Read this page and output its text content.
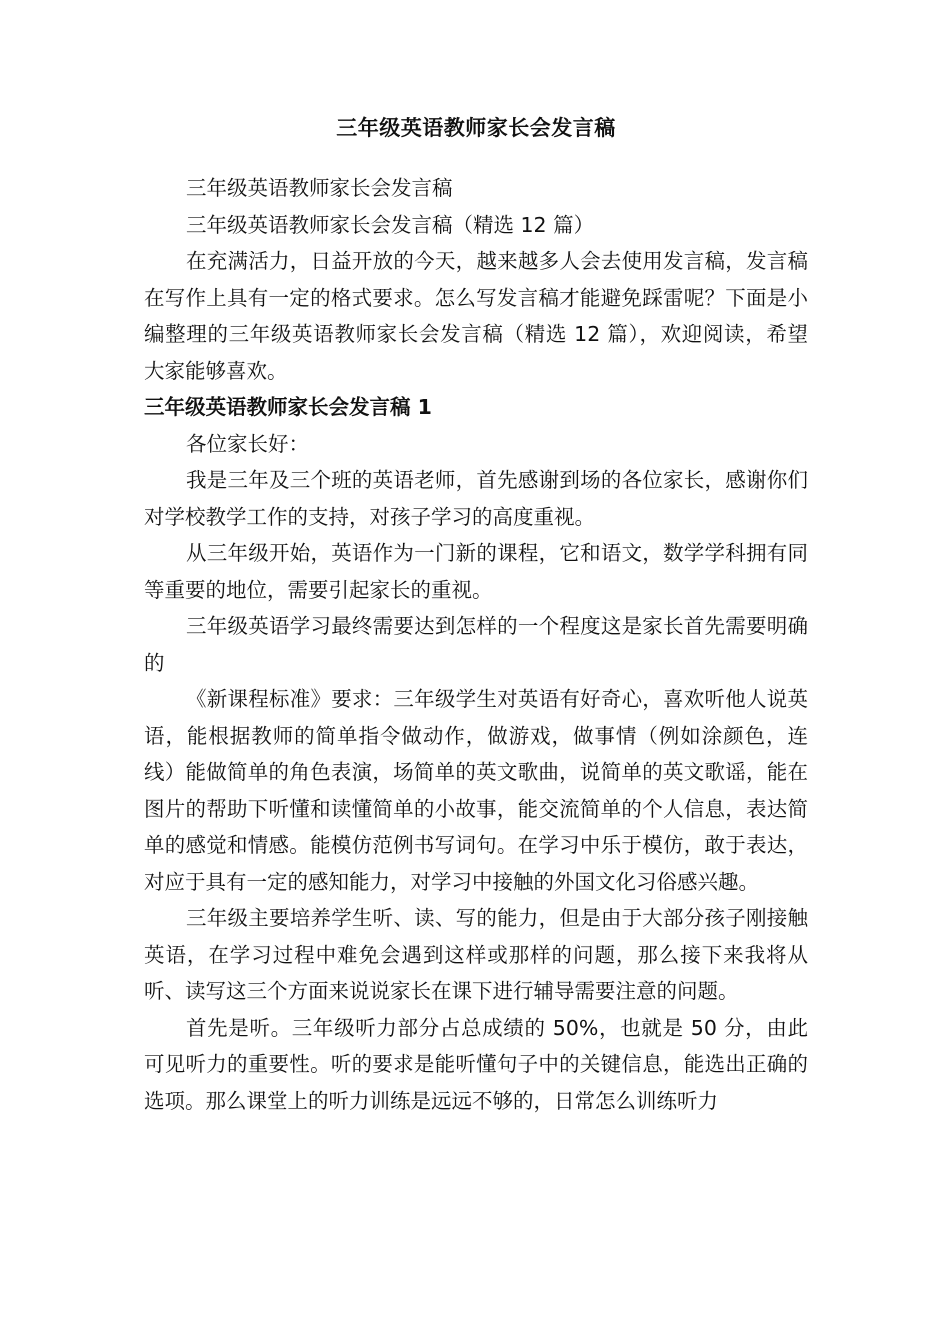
三年级英语教师家长会发言稿

三年级英语教师家长会发言稿

三年级英语教师家长会发言稿（精选 12 篇）

在充满活力，日益开放的今天，越来越多人会去使用发言稿，发言稿在写作上具有一定的格式要求。怎么写发言稿才能避免踩雷呢？下面是小编整理的三年级英语教师家长会发言稿（精选 12 篇），欢迎阅读，希望大家能够喜欢。

三年级英语教师家长会发言稿 1

各位家长好：

我是三年及三个班的英语老师，首先感谢到场的各位家长，感谢你们对学校教学工作的支持，对孩子学习的高度重视。

从三年级开始，英语作为一门新的课程，它和语文，数学学科拥有同等重要的地位，需要引起家长的重视。

三年级英语学习最终需要达到怎样的一个程度这是家长首先需要明确的

《新课程标准》要求：三年级学生对英语有好奇心，喜欢听他人说英语，能根据教师的简单指令做动作，做游戏，做事情（例如涂颜色，连线）能做简单的角色表演，场简单的英文歌曲，说简单的英文歌谣，能在图片的帮助下听懂和读懂简单的小故事，能交流简单的个人信息，表达简单的感觉和情感。能模仿范例书写词句。在学习中乐于模仿，敢于表达，对应于具有一定的感知能力，对学习中接触的外国文化习俗感兴趣。

三年级主要培养学生听、读、写的能力，但是由于大部分孩子刚接触英语，在学习过程中难免会遇到这样或那样的问题，那么接下来我将从听、读写这三个方面来说说家长在课下进行辅导需要注意的问题。

首先是听。三年级听力部分占总成绩的 50%，也就是 50 分，由此可见听力的重要性。听的要求是能听懂句子中的关键信息，能选出正确的选项。那么课堂上的听力训练是远远不够的，日常怎么训练听力
